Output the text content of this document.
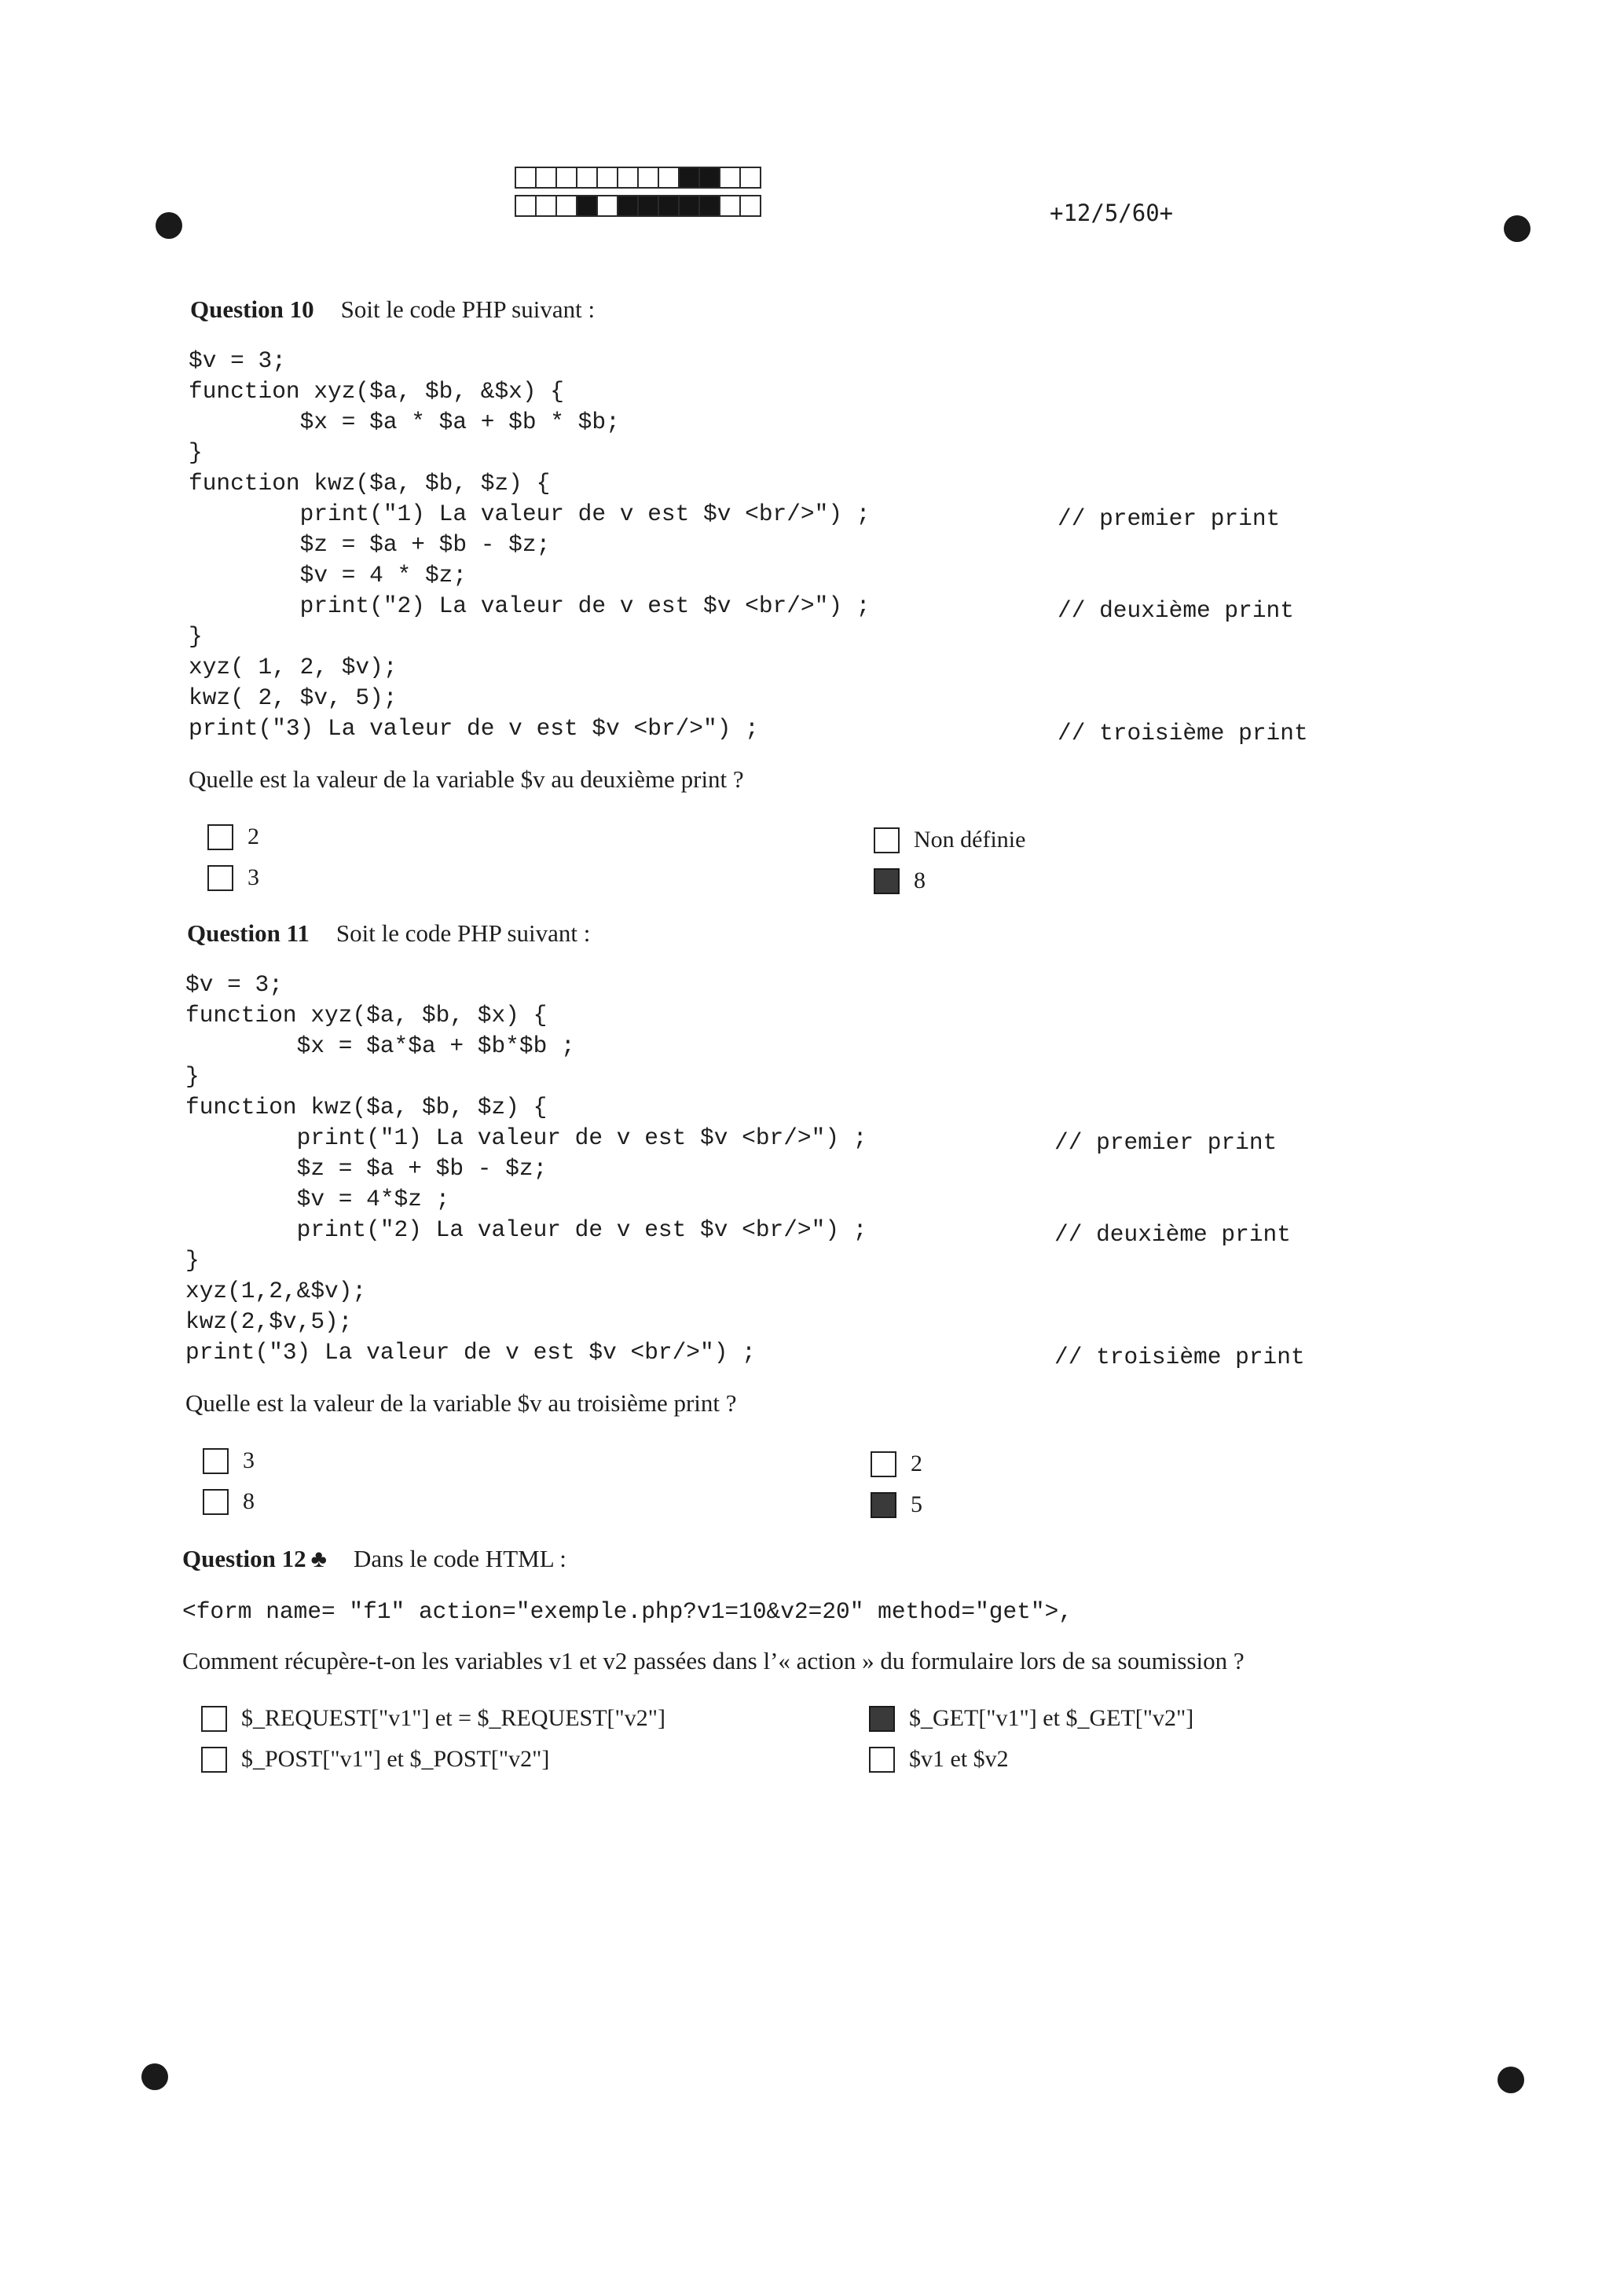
+12/5/60+
Question 10 Soit le code PHP suivant :
$v = 3;
function xyz($a, $b, &$x) {
$x = $a * $a + $b * $b;
}
function kwz($a, $b, $z) {
print("1) La valeur de v est $v <br/>") ;
$z = $a + $b - $z;
$v = 4 * $z;
print("2) La valeur de v est $v <br/>") ;
}
xyz( 1, 2, $v);
kwz( 2, $v, 5);
print("3) La valeur de v est $v <br/>") ;
// premier print
// deuxième print
// troisième print
Quelle est la valeur de la variable $v au deuxième print ?
2
3
Non définie
8
Question 11 Soit le code PHP suivant :
$v = 3;
function xyz($a, $b, $x) {
$x = $a*$a + $b*$b ;
}
function kwz($a, $b, $z) {
print("1) La valeur de v est $v <br/>") ;
$z = $a + $b - $z;
$v = 4*$z ;
print("2) La valeur de v est $v <br/>") ;
}
xyz(1,2,&$v);
kwz(2,$v,5);
print("3) La valeur de v est $v <br/>") ;
// premier print
// deuxième print
// troisième print
Quelle est la valeur de la variable $v au troisième print ?
3
8
2
5
Question 12 ♣ Dans le code HTML :
<form name= "f1" action="exemple.php?v1=10&v2=20" method="get">,
Comment récupère-t-on les variables v1 et v2 passées dans l’« action » du formulaire lors de sa soumission ?
$_REQUEST["v1"] et = $_REQUEST["v2"]
$_POST["v1"] et $_POST["v2"]
$_GET["v1"] et $_GET["v2"]
$v1 et $v2
